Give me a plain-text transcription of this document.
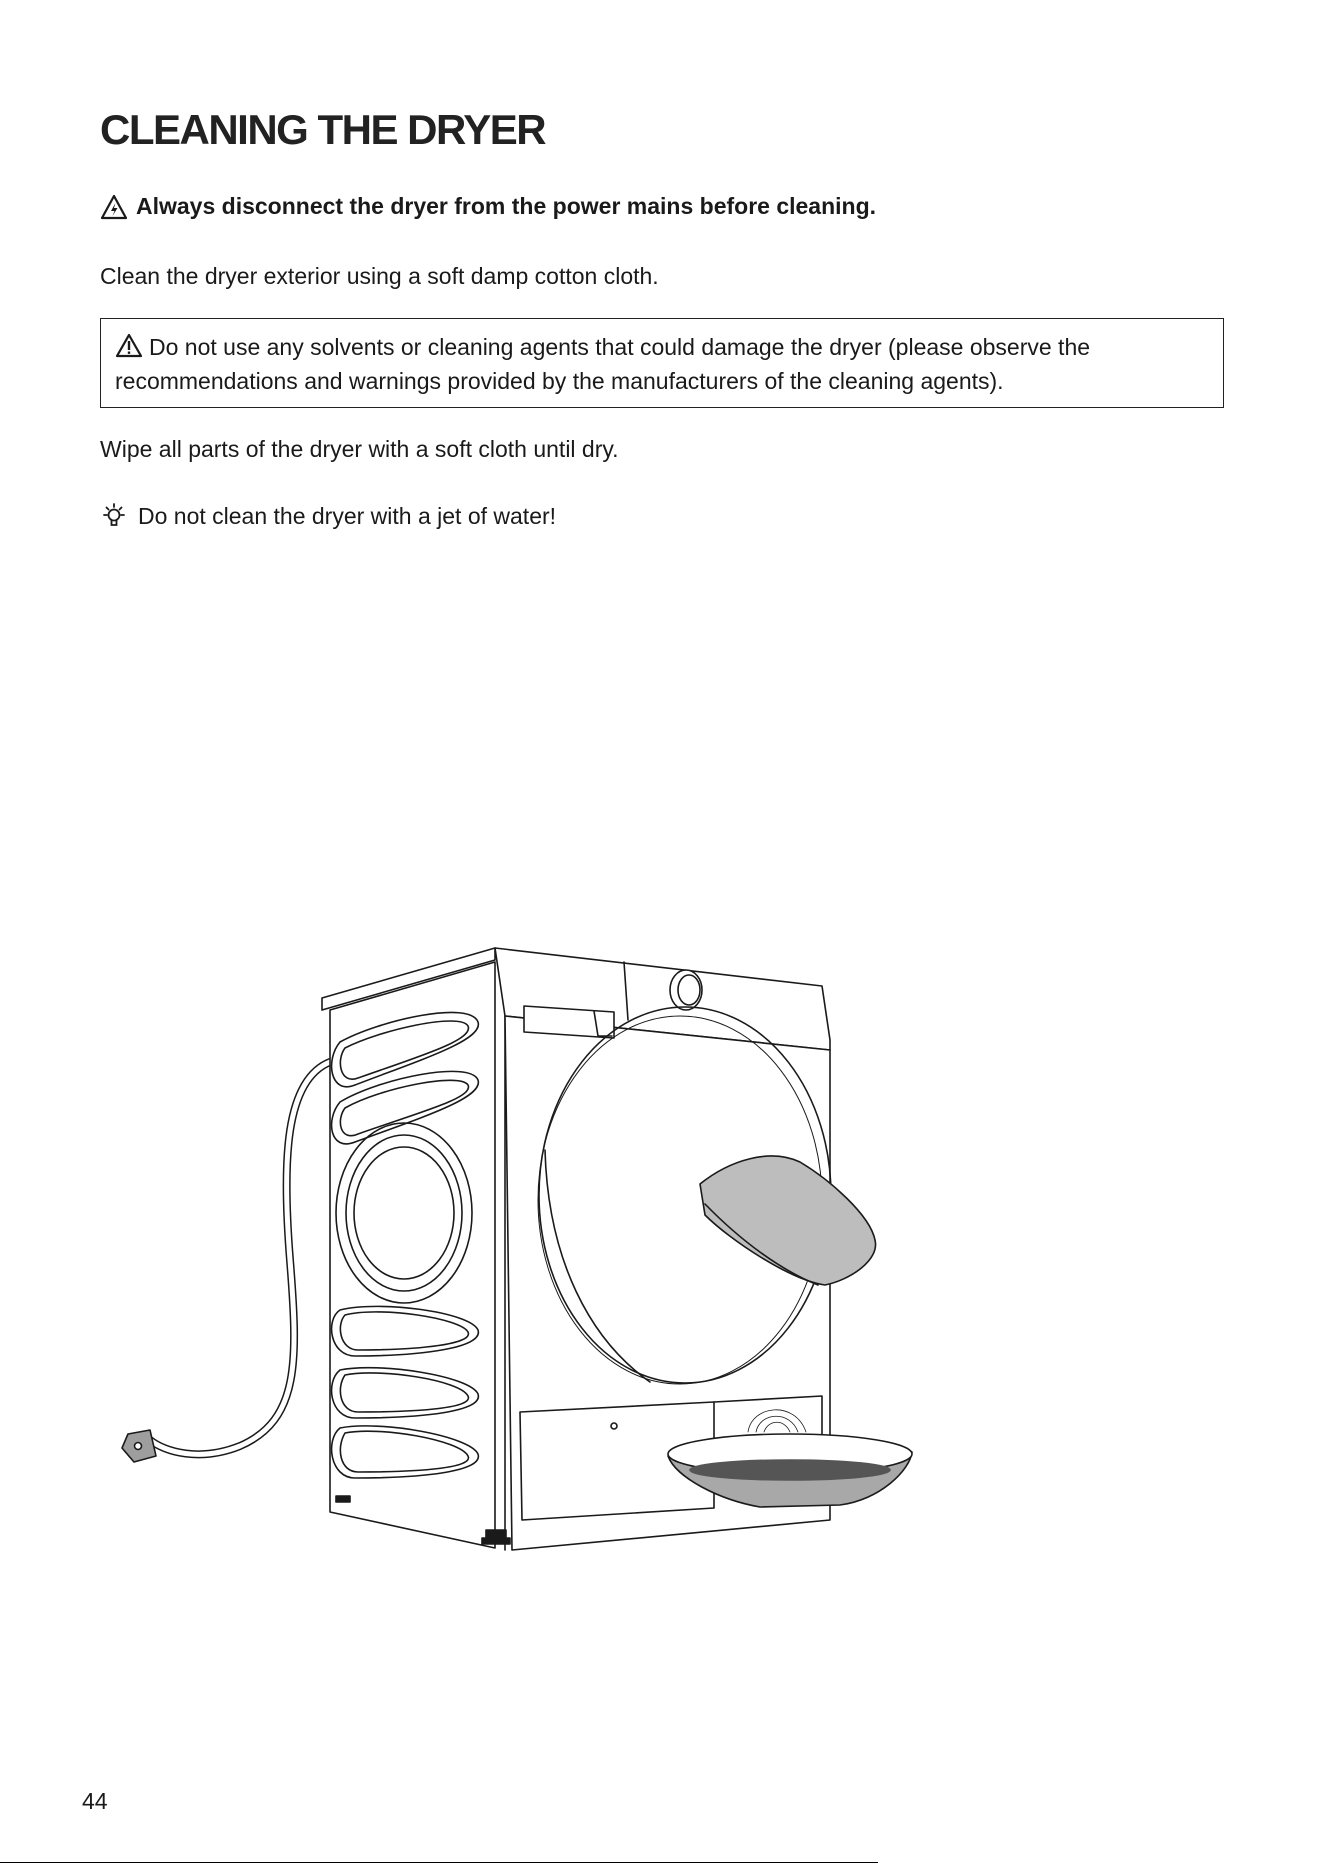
CLEANING THE DRYER
Always disconnect the dryer from the power mains before cleaning.
Clean the dryer exterior using a soft damp cotton cloth.
Do not use any solvents or cleaning agents that could damage the dryer (please observe the
recommendations and warnings provided by the manufacturers of the cleaning agents).
Wipe all parts of the dryer with a soft cloth until dry.
Do not clean the dryer with a jet of water!
44
